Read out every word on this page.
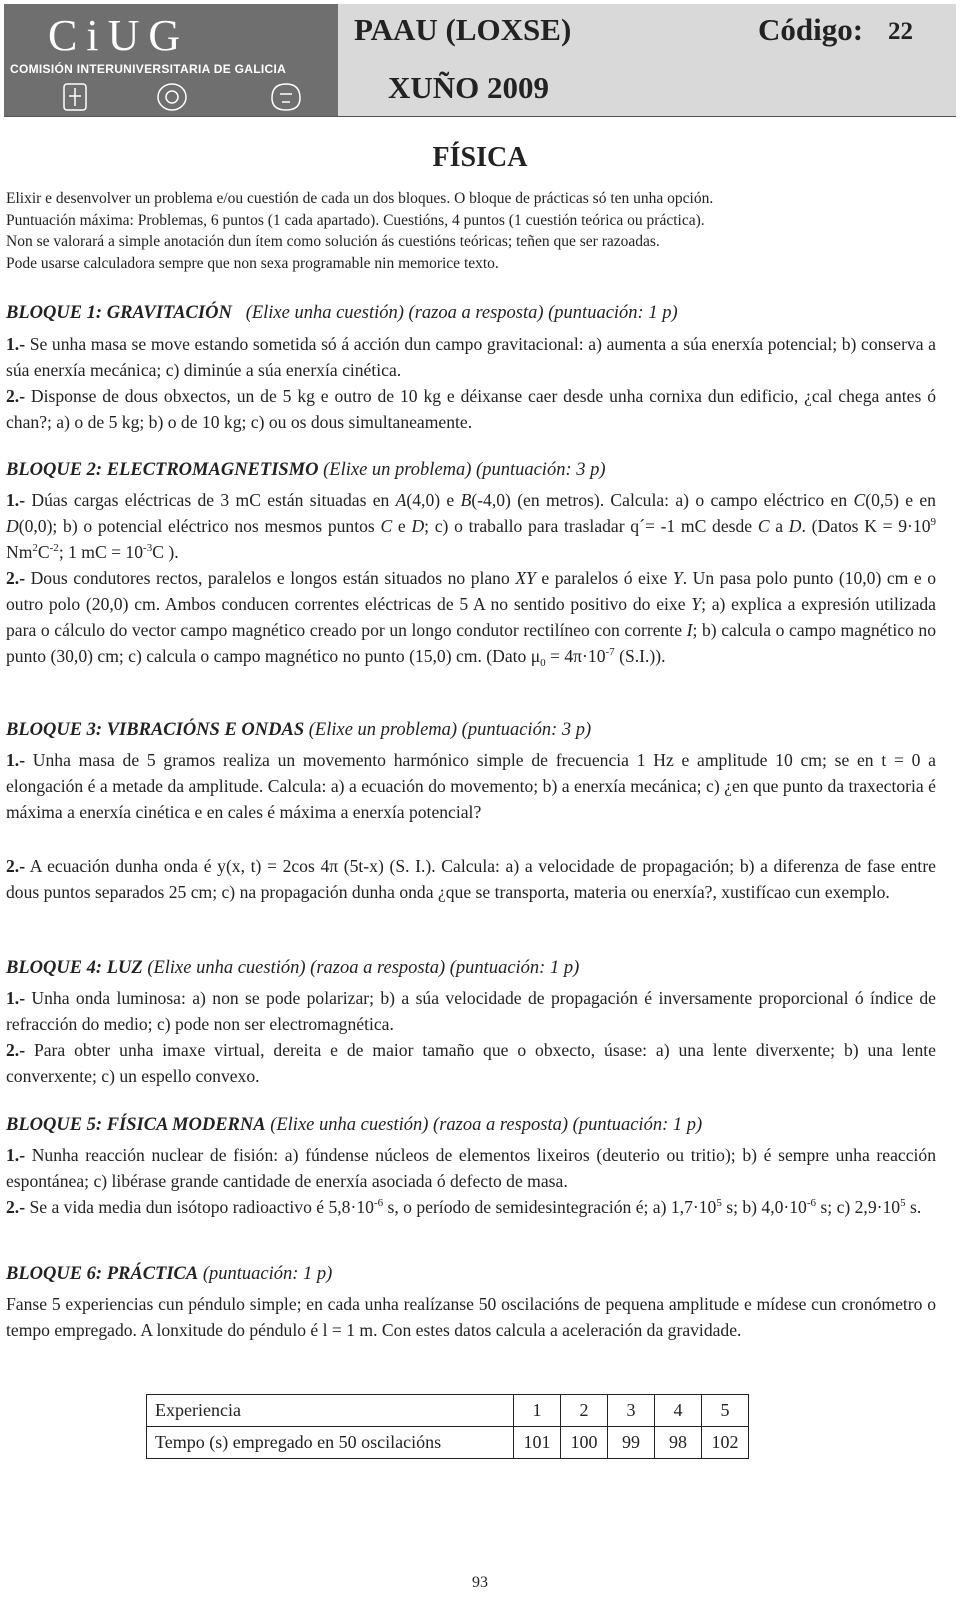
CiUG
COMISIÓN INTERUNIVERSITARIA DE GALICIA
PAAU (LOXSE)	Código: 22
XUÑO 2009
FÍSICA
Elixir e desenvolver un problema e/ou cuestión de cada un dos bloques. O bloque de prácticas só ten unha opción.
Puntuación máxima: Problemas, 6 puntos (1 cada apartado). Cuestións, 4 puntos (1 cuestión teórica ou práctica).
Non se valorará a simple anotación dun ítem como solución ás cuestións teóricas; teñen que ser razoadas.
Pode usarse calculadora sempre que non sexa programable nin memorice texto.
BLOQUE 1: GRAVITACIÓN (Elixe unha cuestión) (razoa a resposta) (puntuación: 1 p)
1.- Se unha masa se move estando sometida só á acción dun campo gravitacional: a) aumenta a súa enerxía potencial; b) conserva a súa enerxía mecánica; c) diminúe a súa enerxía cinética.
2.- Disponse de dous obxectos, un de 5 kg e outro de 10 kg e déixanse caer desde unha cornixa dun edificio, ¿cal chega antes ó chan?; a) o de 5 kg; b) o de 10 kg; c) ou os dous simultaneamente.
BLOQUE 2: ELECTROMAGNETISMO (Elixe un problema) (puntuación: 3 p)
1.- Dúas cargas eléctricas de 3 mC están situadas en A(4,0) e B(-4,0) (en metros). Calcula: a) o campo eléctrico en C(0,5) e en D(0,0); b) o potencial eléctrico nos mesmos puntos C e D; c) o traballo para trasladar q´= -1 mC desde C a D. (Datos $K = 9\cdot 10^9$ $Nm^2C^{-2}$; 1 mC = $10^{-3}C$ ).
2.- Dous condutores rectos, paralelos e longos están situados no plano XY e paralelos ó eixe Y. Un pasa polo punto (10,0) cm e o outro polo (20,0) cm. Ambos conducen correntes eléctricas de 5 A no sentido positivo do eixe Y; a) explica a expresión utilizada para o cálculo do vector campo magnético creado por un longo condutor rectilíneo con corrente I; b) calcula o campo magnético no punto (30,0) cm; c) calcula o campo magnético no punto (15,0) cm. (Dato $\mu_0 = 4\pi\cdot 10^{-7}$ (S.I.)).
BLOQUE 3: VIBRACIÓNS E ONDAS (Elixe un problema) (puntuación: 3 p)
1.- Unha masa de 5 gramos realiza un movemento harmónico simple de frecuencia 1 Hz e amplitude 10 cm; se en t = 0 a elongación é a metade da amplitude. Calcula: a) a ecuación do movemento; b) a enerxía mecánica; c) ¿en que punto da traxectoria é máxima a enerxía cinética e en cales é máxima a enerxía potencial?
2.- A ecuación dunha onda é y(x, t) = 2cos 4π (5t-x) (S. I.). Calcula: a) a velocidade de propagación; b) a diferenza de fase entre dous puntos separados 25 cm; c) na propagación dunha onda ¿que se transporta, materia ou enerxía?, xustifícao cun exemplo.
BLOQUE 4: LUZ (Elixe unha cuestión) (razoa a resposta) (puntuación: 1 p)
1.- Unha onda luminosa: a) non se pode polarizar; b) a súa velocidade de propagación é inversamente proporcional ó índice de refracción do medio; c) pode non ser electromagnética.
2.- Para obter unha imaxe virtual, dereita e de maior tamaño que o obxecto, úsase: a) una lente diverxente; b) una lente converxente; c) un espello convexo.
BLOQUE 5: FÍSICA MODERNA (Elixe unha cuestión) (razoa a resposta) (puntuación: 1 p)
1.- Nunha reacción nuclear de fisión: a) fúndense núcleos de elementos lixeiros (deuterio ou tritio); b) é sempre unha reacción espontánea; c) libérase grande cantidade de enerxía asociada ó defecto de masa.
2.- Se a vida media dun isótopo radioactivo é $5,8\cdot 10^{-6}$ s, o período de semidesintegración é; a) $1,7\cdot 10^5$ s; b) $4,0\cdot 10^{-6}$ s; c) $2,9\cdot 10^5$ s.
BLOQUE 6: PRÁCTICA (puntuación: 1 p)
Fanse 5 experiencias cun péndulo simple; en cada unha realízanse 50 oscilacións de pequena amplitude e mídese cun cronómetro o tempo empregado. A lonxitude do péndulo é l = 1 m. Con estes datos calcula a aceleración da gravidade.
Experiencia	1	2	3	4	5
Tempo (s) empregado en 50 oscilacións	101	100	99	98	102
93
